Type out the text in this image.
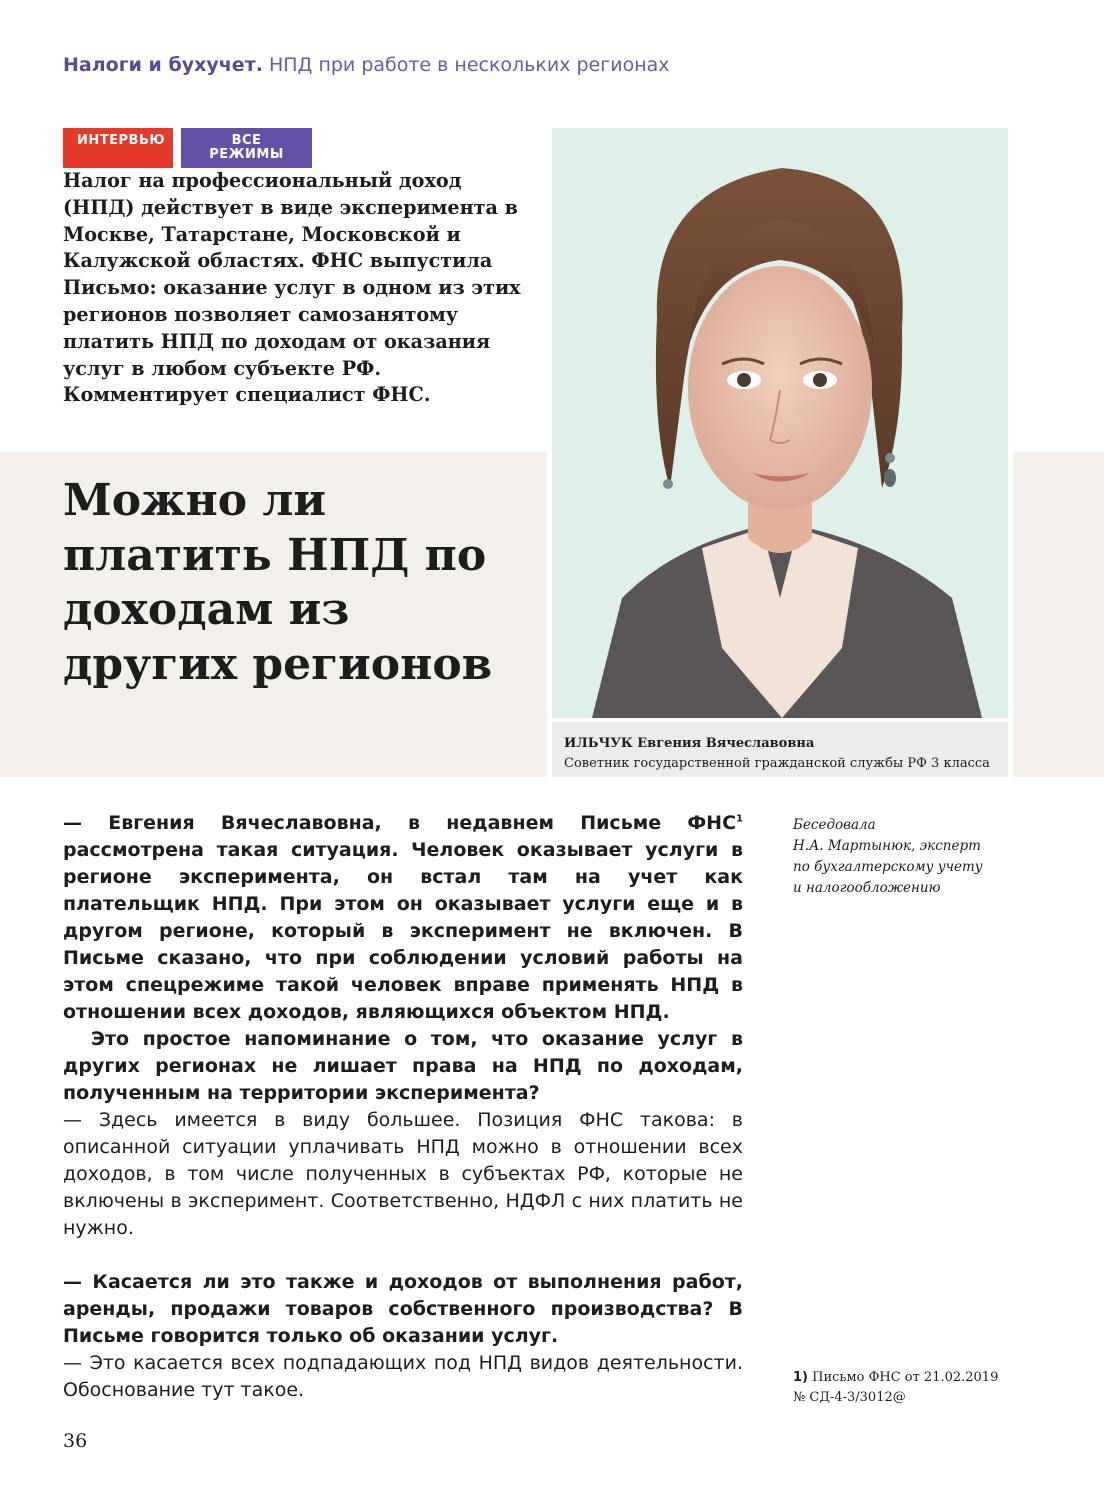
Налоги и бухучет. НПД при работе в нескольких регионах
ИНТЕРВЬЮ	ВСЕ РЕЖИМЫ

Налог на профессиональный доход (НПД) действует в виде эксперимента в Москве, Татарстане, Московской и Калужской областях. ФНС выпустила Письмо: оказание услуг в одном из этих регионов позволяет самозанятому платить НПД по доходам от оказания услуг в любом субъекте РФ. Комментирует специалист ФНС.

Можно ли платить НПД по доходам из других регионов
ИЛЬЧУК Евгения Вячеславовна
Советник государственной гражданской службы РФ 3 класса

— Евгения Вячеславовна, в недавнем Письме ФНС$^1$ рассмотрена такая ситуация. Человек оказывает услуги в регионе эксперимента, он встал там на учет как плательщик НПД. При этом он оказывает услуги еще и в другом регионе, который в эксперимент не включен. В Письме сказано, что при соблюдении условий работы на этом спецрежиме такой человек вправе применять НПД в отношении всех доходов, являющихся объектом НПД.

Это простое напоминание о том, что оказание услуг в других регионах не лишает права на НПД по доходам, полученным на территории эксперимента?

— Здесь имеется в виду большее. Позиция ФНС такова: в описанной ситуации уплачивать НПД можно в отношении всех доходов, в том числе полученных в субъектах РФ, которые не включены в эксперимент. Соответственно, НДФЛ с них платить не нужно.

— Касается ли это также и доходов от выполнения работ, аренды, продажи товаров собственного производства? В Письме говорится только об оказании услуг.

— Это касается всех подпадающих под НПД видов деятельности. Обоснование тут такое.

Беседовала
Н.А. Мартынюк, эксперт
по бухгалтерскому учету
и налогообложению
1) Письмо ФНС от 21.02.2019
№ СД-4-3/3012@
36
